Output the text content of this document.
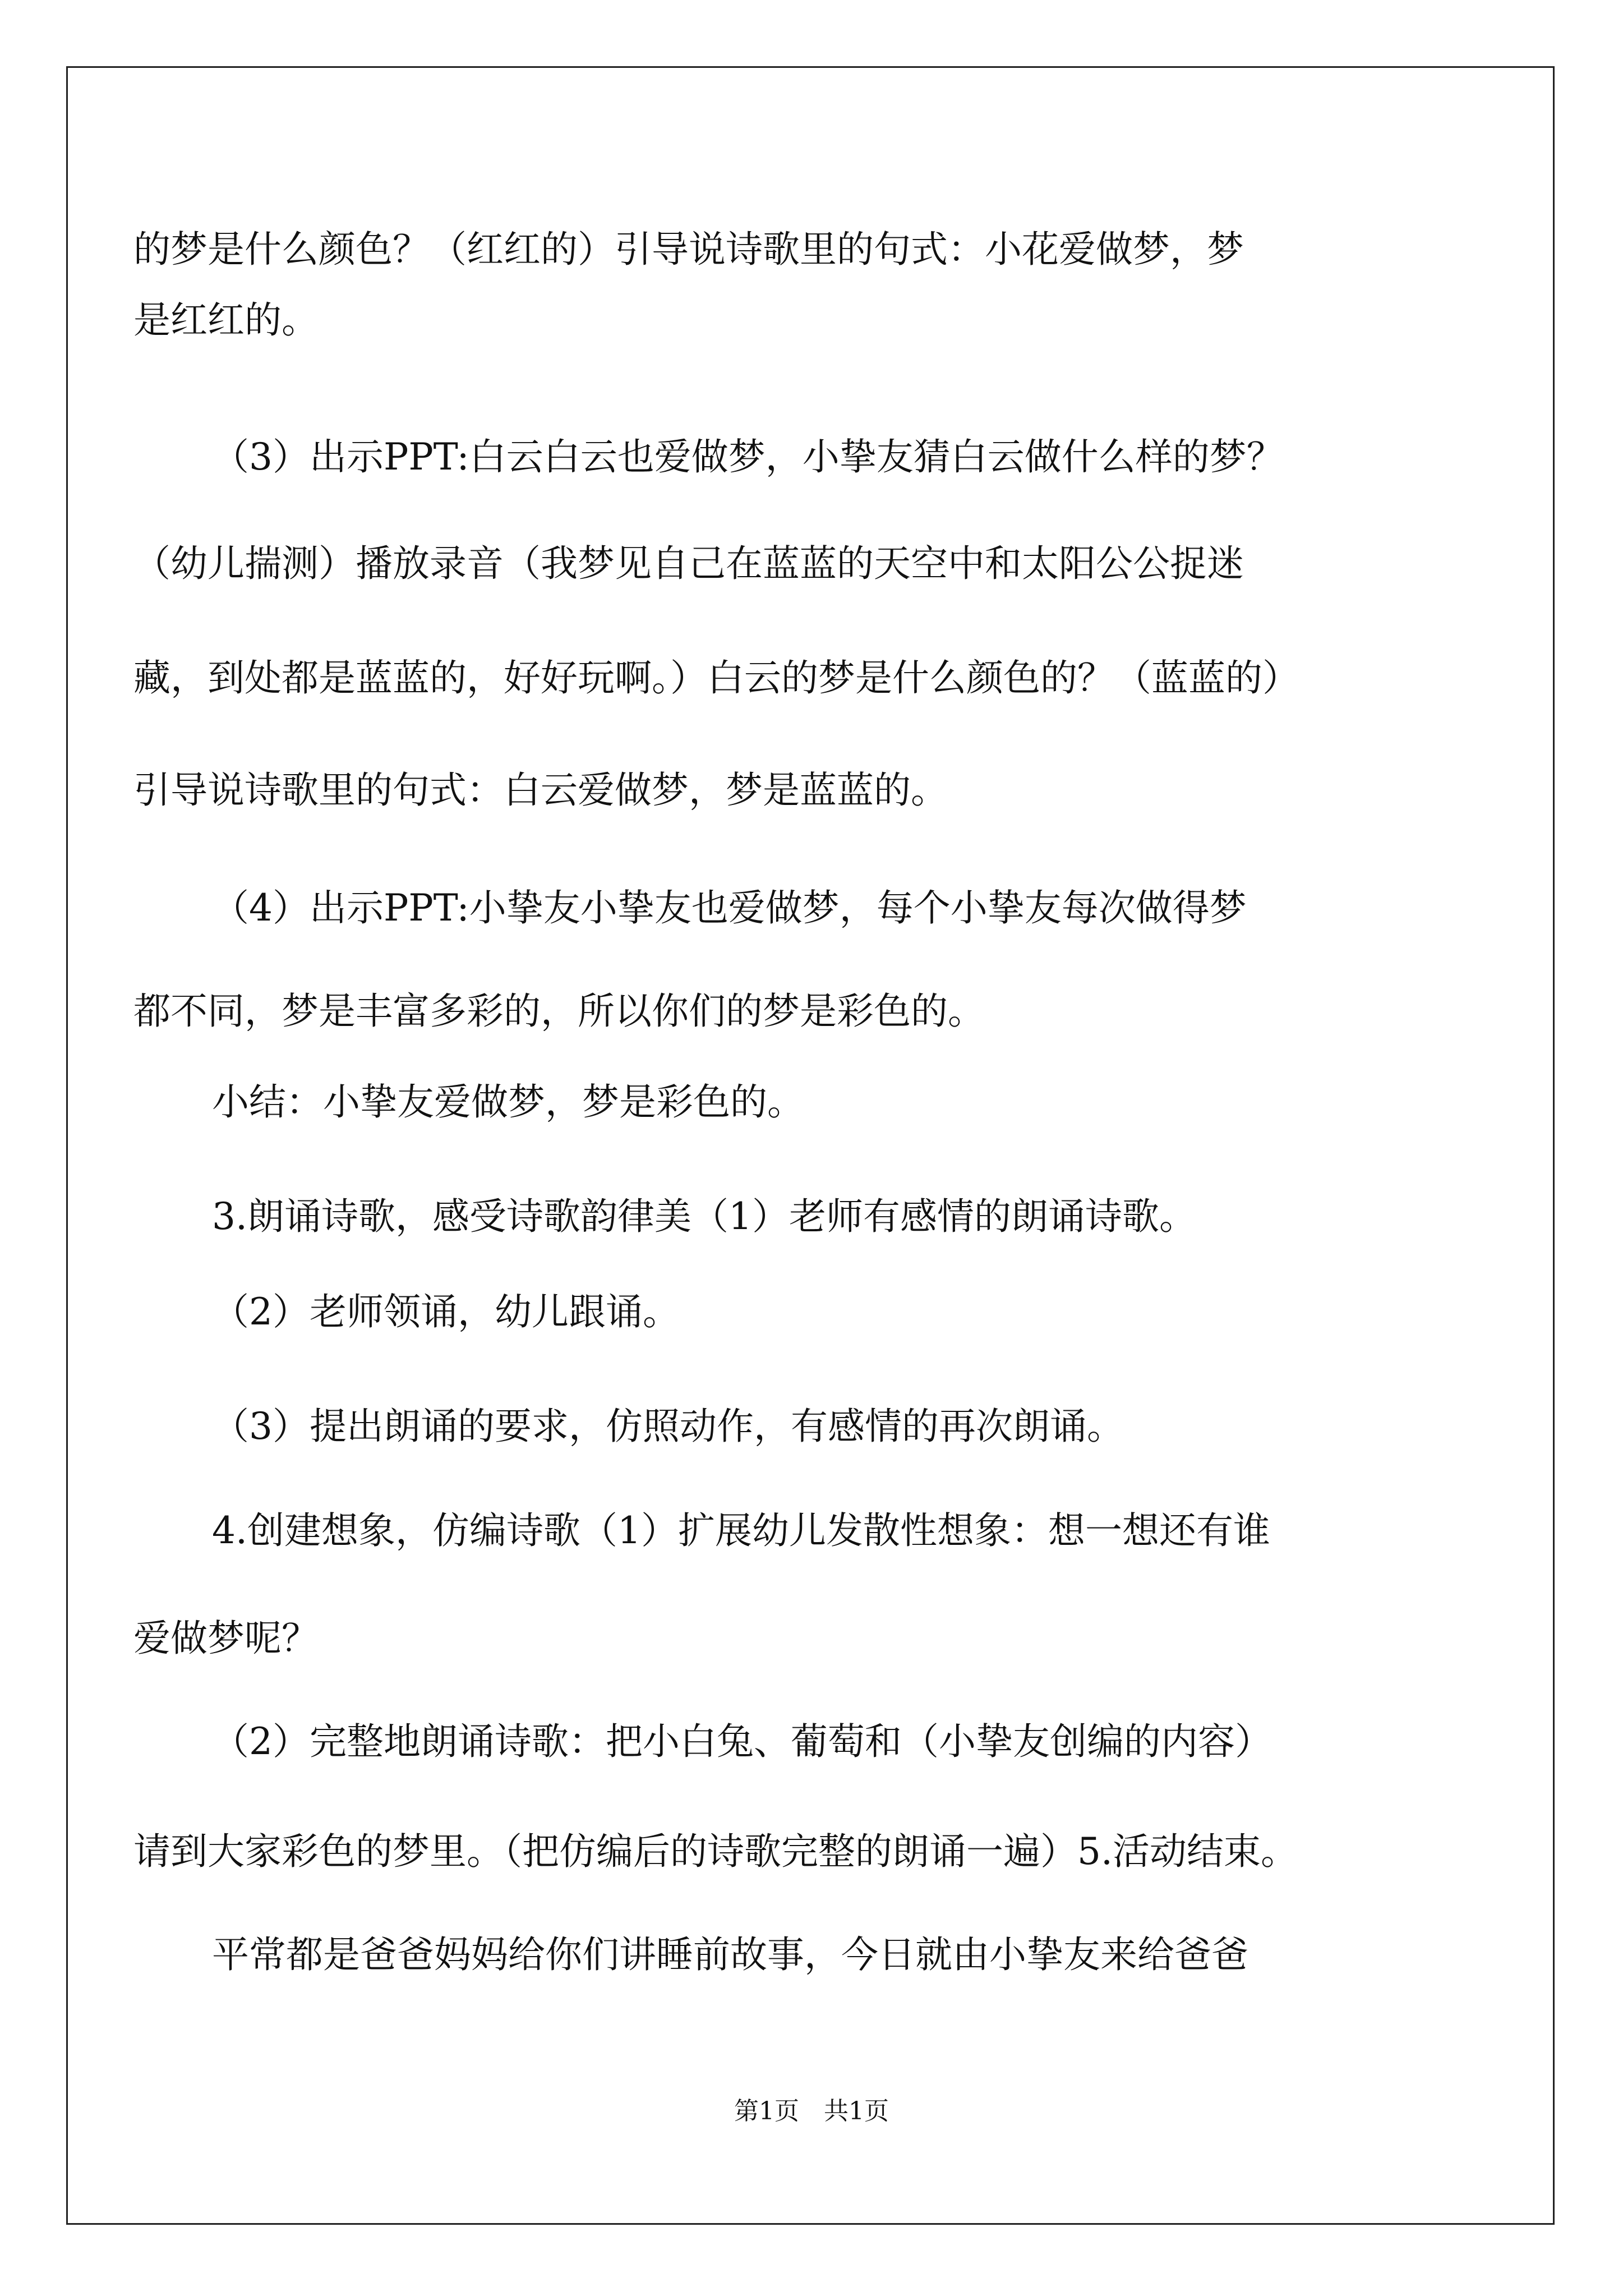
的梦是什么颜色？（红红的）引导说诗歌里的句式：小花爱做梦，梦
是红红的。
（3）出示PPT:白云白云也爱做梦，小挚友猜白云做什么样的梦？
（幼儿揣测）播放录音（我梦见自己在蓝蓝的天空中和太阳公公捉迷
藏，到处都是蓝蓝的，好好玩啊。）白云的梦是什么颜色的？（蓝蓝的）
引导说诗歌里的句式：白云爱做梦，梦是蓝蓝的。
（4）出示PPT:小挚友小挚友也爱做梦，每个小挚友每次做得梦
都不同，梦是丰富多彩的，所以你们的梦是彩色的。
小结：小挚友爱做梦，梦是彩色的。
3.朗诵诗歌，感受诗歌韵律美（1）老师有感情的朗诵诗歌。
（2）老师领诵，幼儿跟诵。
（3）提出朗诵的要求，仿照动作，有感情的再次朗诵。
4.创建想象，仿编诗歌（1）扩展幼儿发散性想象：想一想还有谁
爱做梦呢？
（2）完整地朗诵诗歌：把小白兔、葡萄和（小挚友创编的内容）
请到大家彩色的梦里。（把仿编后的诗歌完整的朗诵一遍）5.活动结束。
平常都是爸爸妈妈给你们讲睡前故事，今日就由小挚友来给爸爸
第1页　共1页
